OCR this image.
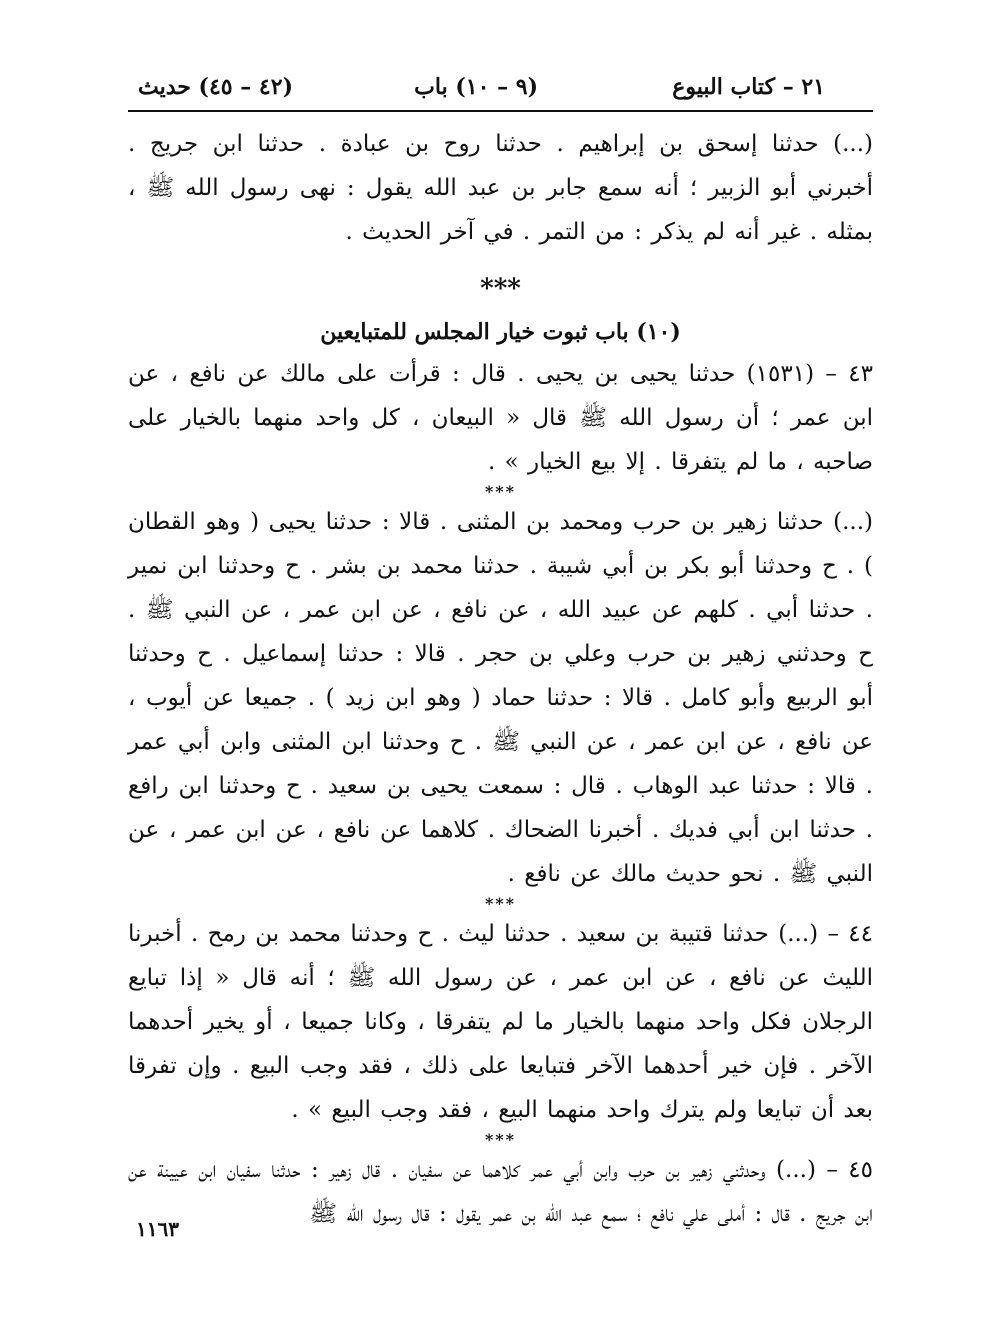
٢١ – كتاب البيوع
(٩ – ١٠) باب
(٤٢ – ٤٥) حديث

(...) حدثنا إسحق بن إبراهيم . حدثنا روح بن عبادة . حدثنا ابن جريج . أخبرني أبو الزبير ؛ أنه سمع جابر بن عبد الله يقول : نهى رسول الله ﷺ ، بمثله . غير أنه لم يذكر : من التمر . في آخر الحديث .

***
(١٠) باب ثبوت خيار المجلس للمتبايعين

٤٣ – (١٥٣١) حدثنا يحيى بن يحيى . قال : قرأت على مالك عن نافع ، عن ابن عمر ؛ أن رسول الله ﷺ قال « البيعان ، كل واحد منهما بالخيار على صاحبه ، ما لم يتفرقا . إلا بيع الخيار » .

***

(...) حدثنا زهير بن حرب ومحمد بن المثنى . قالا : حدثنا يحيى ( وهو القطان ) . ح وحدثنا أبو بكر بن أبي شيبة . حدثنا محمد بن بشر . ح وحدثنا ابن نمير . حدثنا أبي . كلهم عن عبيد الله ، عن نافع ، عن ابن عمر ، عن النبي ﷺ . ح وحدثني زهير بن حرب وعلي بن حجر . قالا : حدثنا إسماعيل . ح وحدثنا أبو الربيع وأبو كامل . قالا : حدثنا حماد ( وهو ابن زيد ) . جميعا عن أيوب ، عن نافع ، عن ابن عمر ، عن النبي ﷺ . ح وحدثنا ابن المثنى وابن أبي عمر . قالا : حدثنا عبد الوهاب . قال : سمعت يحيى بن سعيد . ح وحدثنا ابن رافع . حدثنا ابن أبي فديك . أخبرنا الضحاك . كلاهما عن نافع ، عن ابن عمر ، عن النبي ﷺ . نحو حديث مالك عن نافع .

***

٤٤ – (...) حدثنا قتيبة بن سعيد . حدثنا ليث . ح وحدثنا محمد بن رمح . أخبرنا الليث عن نافع ، عن ابن عمر ، عن رسول الله ﷺ ؛ أنه قال « إذا تبايع الرجلان فكل واحد منهما بالخيار ما لم يتفرقا ، وكانا جميعا ، أو يخير أحدهما الآخر . فإن خير أحدهما الآخر فتبايعا على ذلك ، فقد وجب البيع . وإن تفرقا بعد أن تبايعا ولم يترك واحد منهما البيع ، فقد وجب البيع » .

***

٤٥ – (...) وحدثني زهير بن حرب وابن أبي عمر كلاهما عن سفيان . قال زهير : حدثنا سفيان ابن عيينة عن ابن جريج . قال : أملى علي نافع ؛ سمع عبد الله بن عمر يقول : قال رسول الله ﷺ

١١٦٣
